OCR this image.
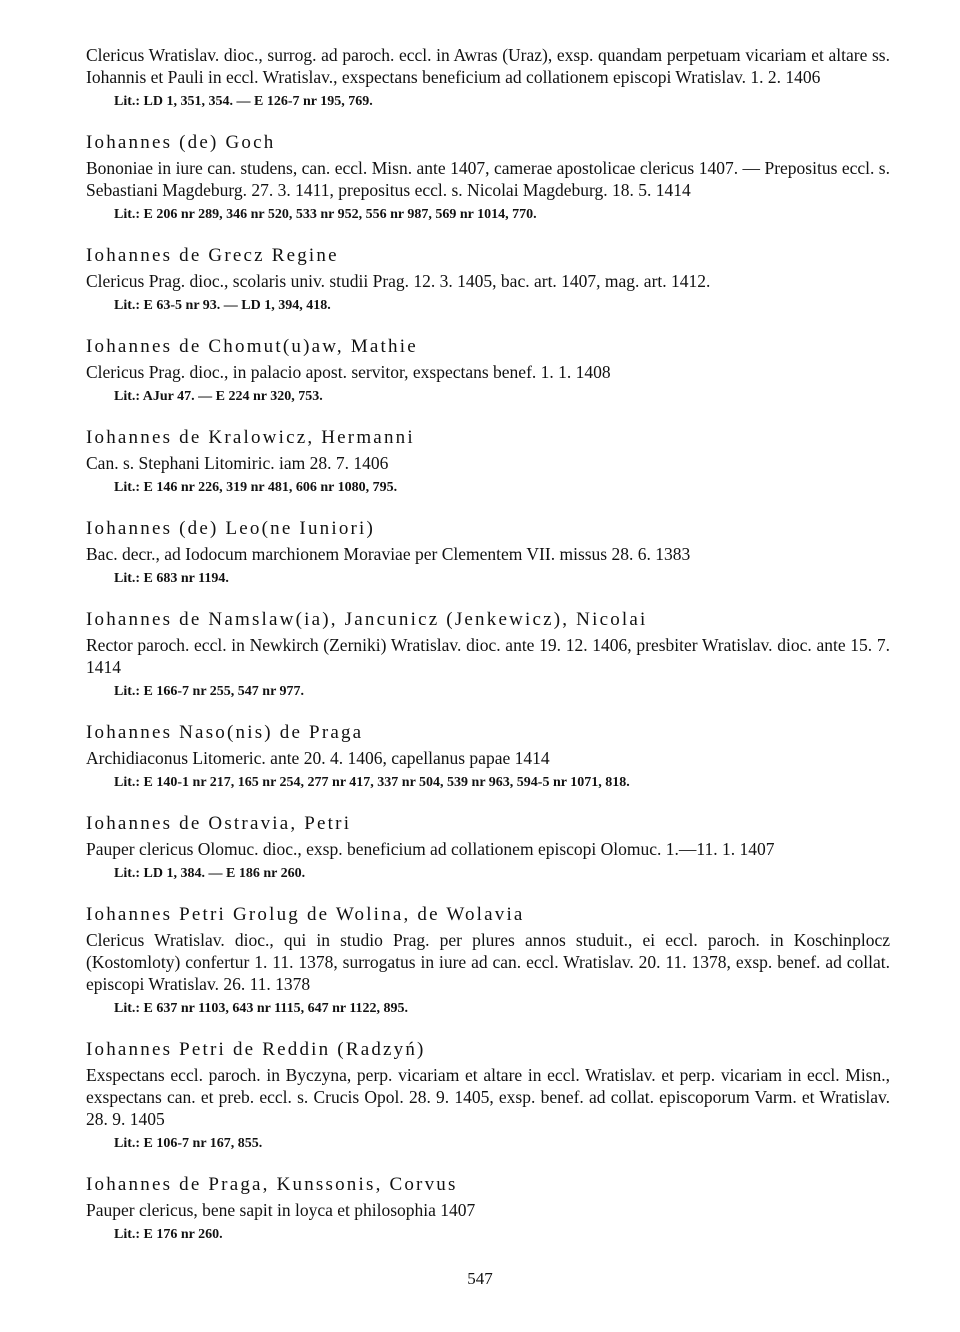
Clericus Wratislav. dioc., surrog. ad paroch. eccl. in Awras (Uraz), exsp. quandam perpetuam vicariam et altare ss. Iohannis et Pauli in eccl. Wratislav., exspectans beneficium ad collationem episcopi Wratislav. 1. 2. 1406

Lit.: LD 1, 351, 354. — E 126-7 nr 195, 769.

Iohannes (de) Goch

Bononiae in iure can. studens, can. eccl. Misn. ante 1407, camerae apostolicae clericus 1407. — Prepositus eccl. s. Sebastiani Magdeburg. 27. 3. 1411, prepositus eccl. s. Nicolai Magdeburg. 18. 5. 1414

Lit.: E 206 nr 289, 346 nr 520, 533 nr 952, 556 nr 987, 569 nr 1014, 770.

Iohannes de Grecz Regine

Clericus Prag. dioc., scolaris univ. studii Prag. 12. 3. 1405, bac. art. 1407, mag. art. 1412.

Lit.: E 63-5 nr 93. — LD 1, 394, 418.

Iohannes de Chomut(u)aw, Mathie

Clericus Prag. dioc., in palacio apost. servitor, exspectans benef. 1. 1. 1408

Lit.: AJur 47. — E 224 nr 320, 753.

Iohannes de Kralowicz, Hermanni

Can. s. Stephani Litomiric. iam 28. 7. 1406

Lit.: E 146 nr 226, 319 nr 481, 606 nr 1080, 795.

Iohannes (de) Leo(ne Iuniori)

Bac. decr., ad Iodocum marchionem Moraviae per Clementem VII. missus 28. 6. 1383

Lit.: E 683 nr 1194.

Iohannes de Namslaw(ia), Jancunicz (Jenkewicz), Nicolai

Rector paroch. eccl. in Newkirch (Zerniki) Wratislav. dioc. ante 19. 12. 1406, presbiter Wratislav. dioc. ante 15. 7. 1414

Lit.: E 166-7 nr 255, 547 nr 977.

Iohannes Naso(nis) de Praga

Archidiaconus Litomeric. ante 20. 4. 1406, capellanus papae 1414

Lit.: E 140-1 nr 217, 165 nr 254, 277 nr 417, 337 nr 504, 539 nr 963, 594-5 nr 1071, 818.

Iohannes de Ostravia, Petri

Pauper clericus Olomuc. dioc., exsp. beneficium ad collationem episcopi Olomuc. 1.—11. 1. 1407

Lit.: LD 1, 384. — E 186 nr 260.

Iohannes Petri Grolug de Wolina, de Wolavia

Clericus Wratislav. dioc., qui in studio Prag. per plures annos studuit., ei eccl. paroch. in Koschinplocz (Kostomloty) confertur 1. 11. 1378, surrogatus in iure ad can. eccl. Wratislav. 20. 11. 1378, exsp. benef. ad collat. episcopi Wratislav. 26. 11. 1378

Lit.: E 637 nr 1103, 643 nr 1115, 647 nr 1122, 895.

Iohannes Petri de Reddin (Radzyń)

Exspectans eccl. paroch. in Byczyna, perp. vicariam et altare in eccl. Wratislav. et perp. vicariam in eccl. Misn., exspectans can. et preb. eccl. s. Crucis Opol. 28. 9. 1405, exsp. benef. ad collat. episcoporum Varm. et Wratislav. 28. 9. 1405

Lit.: E 106-7 nr 167, 855.

Iohannes de Praga, Kunssonis, Corvus

Pauper clericus, bene sapit in loyca et philosophia 1407

Lit.: E 176 nr 260.

547
